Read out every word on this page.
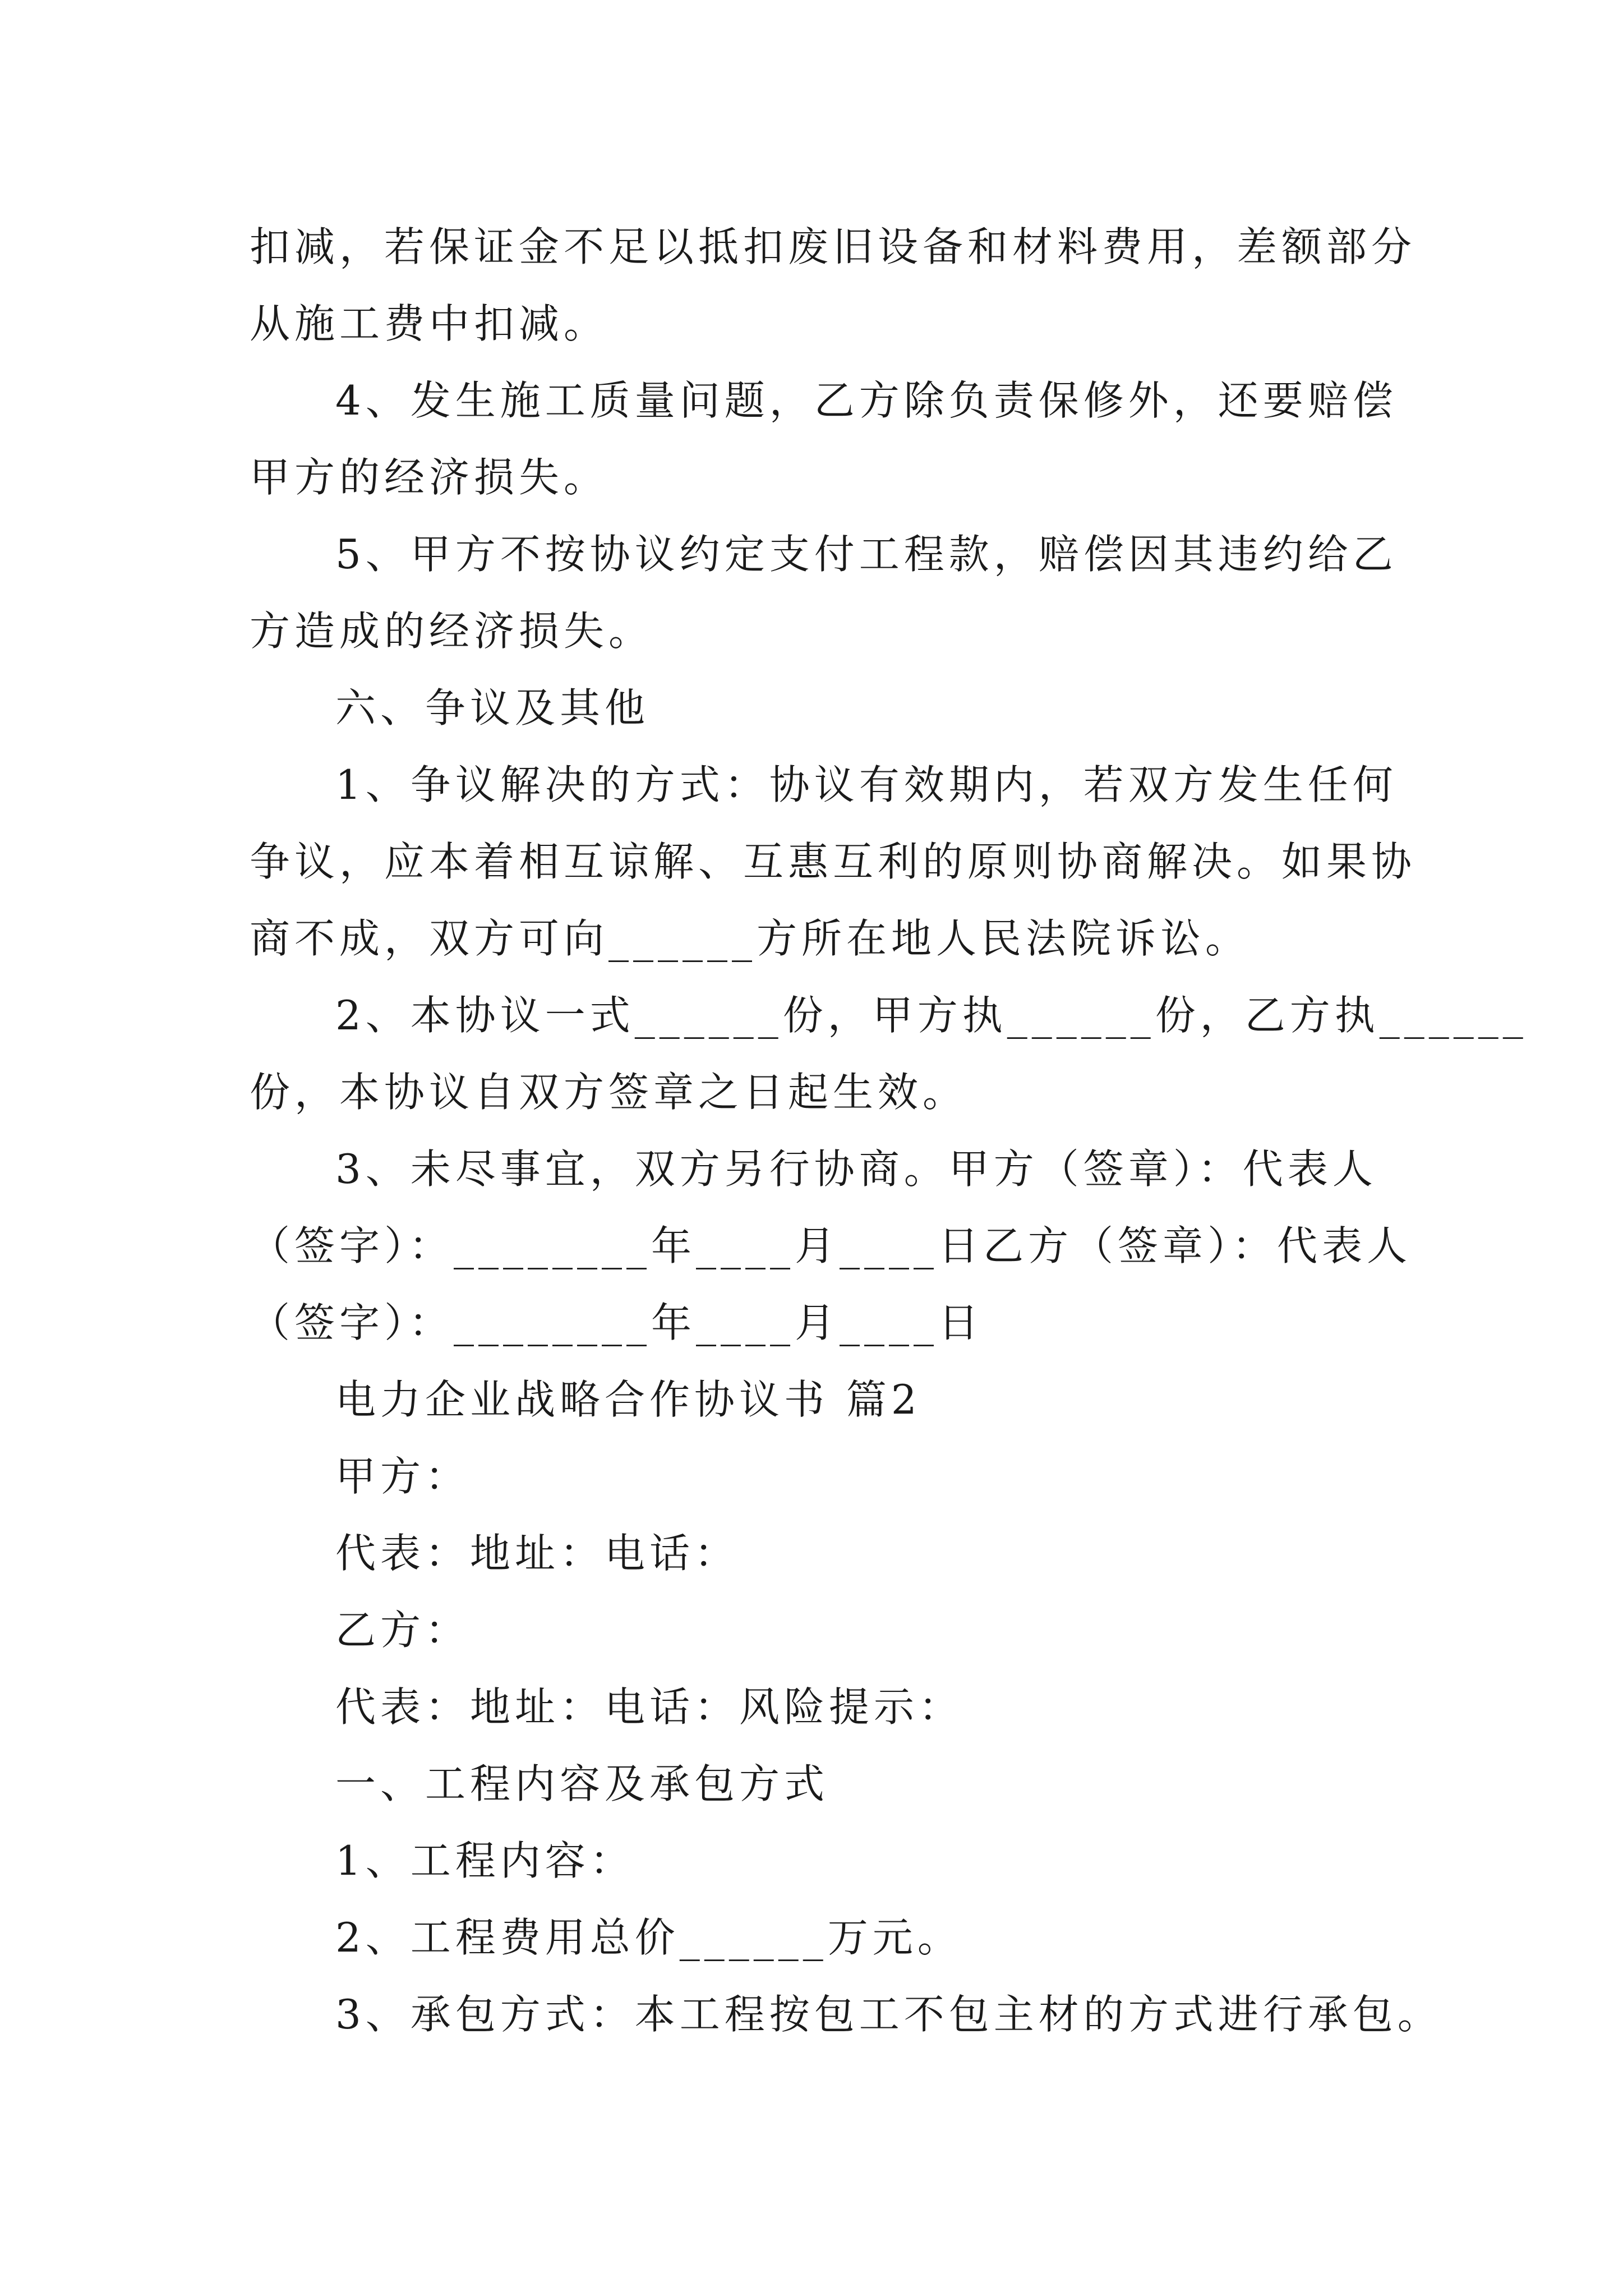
扣减，若保证金不足以抵扣废旧设备和材料费用，差额部分
从施工费中扣减。
4、发生施工质量问题，乙方除负责保修外，还要赔偿
甲方的经济损失。
5、甲方不按协议约定支付工程款，赔偿因其违约给乙
方造成的经济损失。
六、争议及其他
1、争议解决的方式：协议有效期内，若双方发生任何
争议，应本着相互谅解、互惠互利的原则协商解决。如果协
商不成，双方可向______方所在地人民法院诉讼。
2、本协议一式______份，甲方执______份，乙方执______
份，本协议自双方签章之日起生效。
3、未尽事宜，双方另行协商。甲方（签章）：代表人
（签字）：________年____月____日乙方（签章）：代表人
（签字）：________年____月____日
电力企业战略合作协议书 篇2
甲方：
代表：地址：电话：
乙方：
代表：地址：电话：风险提示：
一、工程内容及承包方式
1、工程内容：
2、工程费用总价______万元。
3、承包方式：本工程按包工不包主材的方式进行承包。
